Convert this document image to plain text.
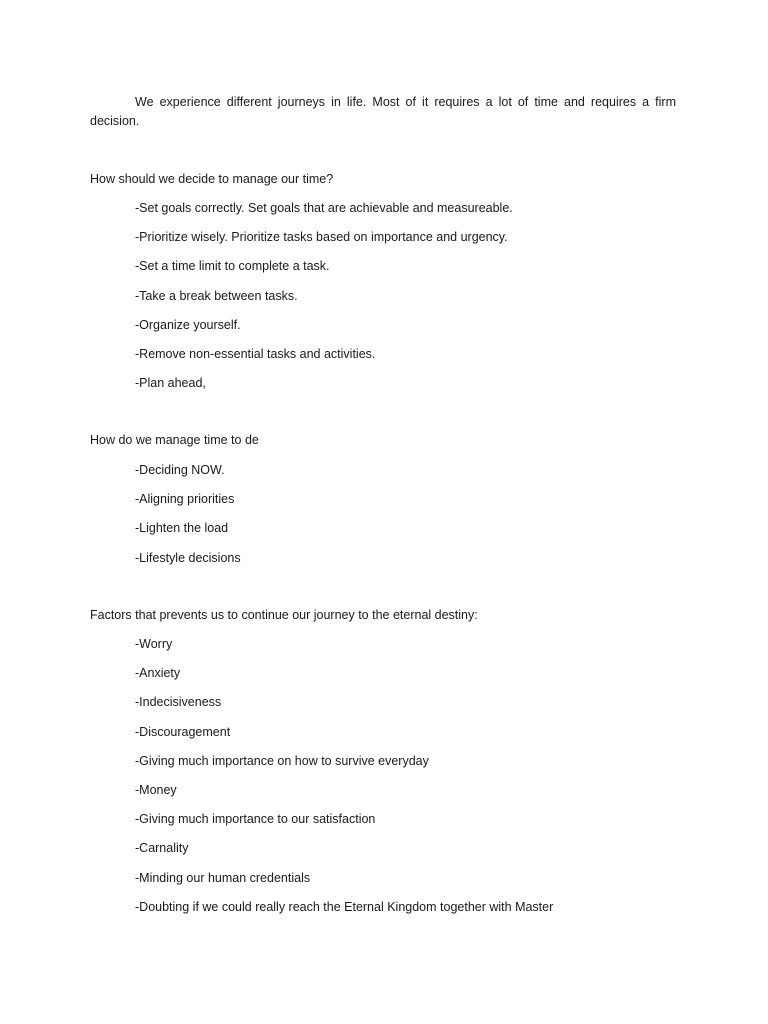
We experience different journeys in life. Most of it requires a lot of time and requires a firm decision.

How should we decide to manage our time?

-Set goals correctly. Set goals that are achievable and measureable.
-Prioritize wisely. Prioritize tasks based on importance and urgency.
-Set a time limit to complete a task.
-Take a break between tasks.
-Organize yourself.
-Remove non-essential tasks and activities.
-Plan ahead,

How do we manage time to de

-Deciding NOW.
-Aligning priorities
-Lighten the load
-Lifestyle decisions

Factors that prevents us to continue our journey to the eternal destiny:

-Worry
-Anxiety
-Indecisiveness
-Discouragement
-Giving much importance on how to survive everyday
-Money
-Giving much importance to our satisfaction
-Carnality
-Minding our human credentials
-Doubting if we could really reach the Eternal Kingdom together with Master
